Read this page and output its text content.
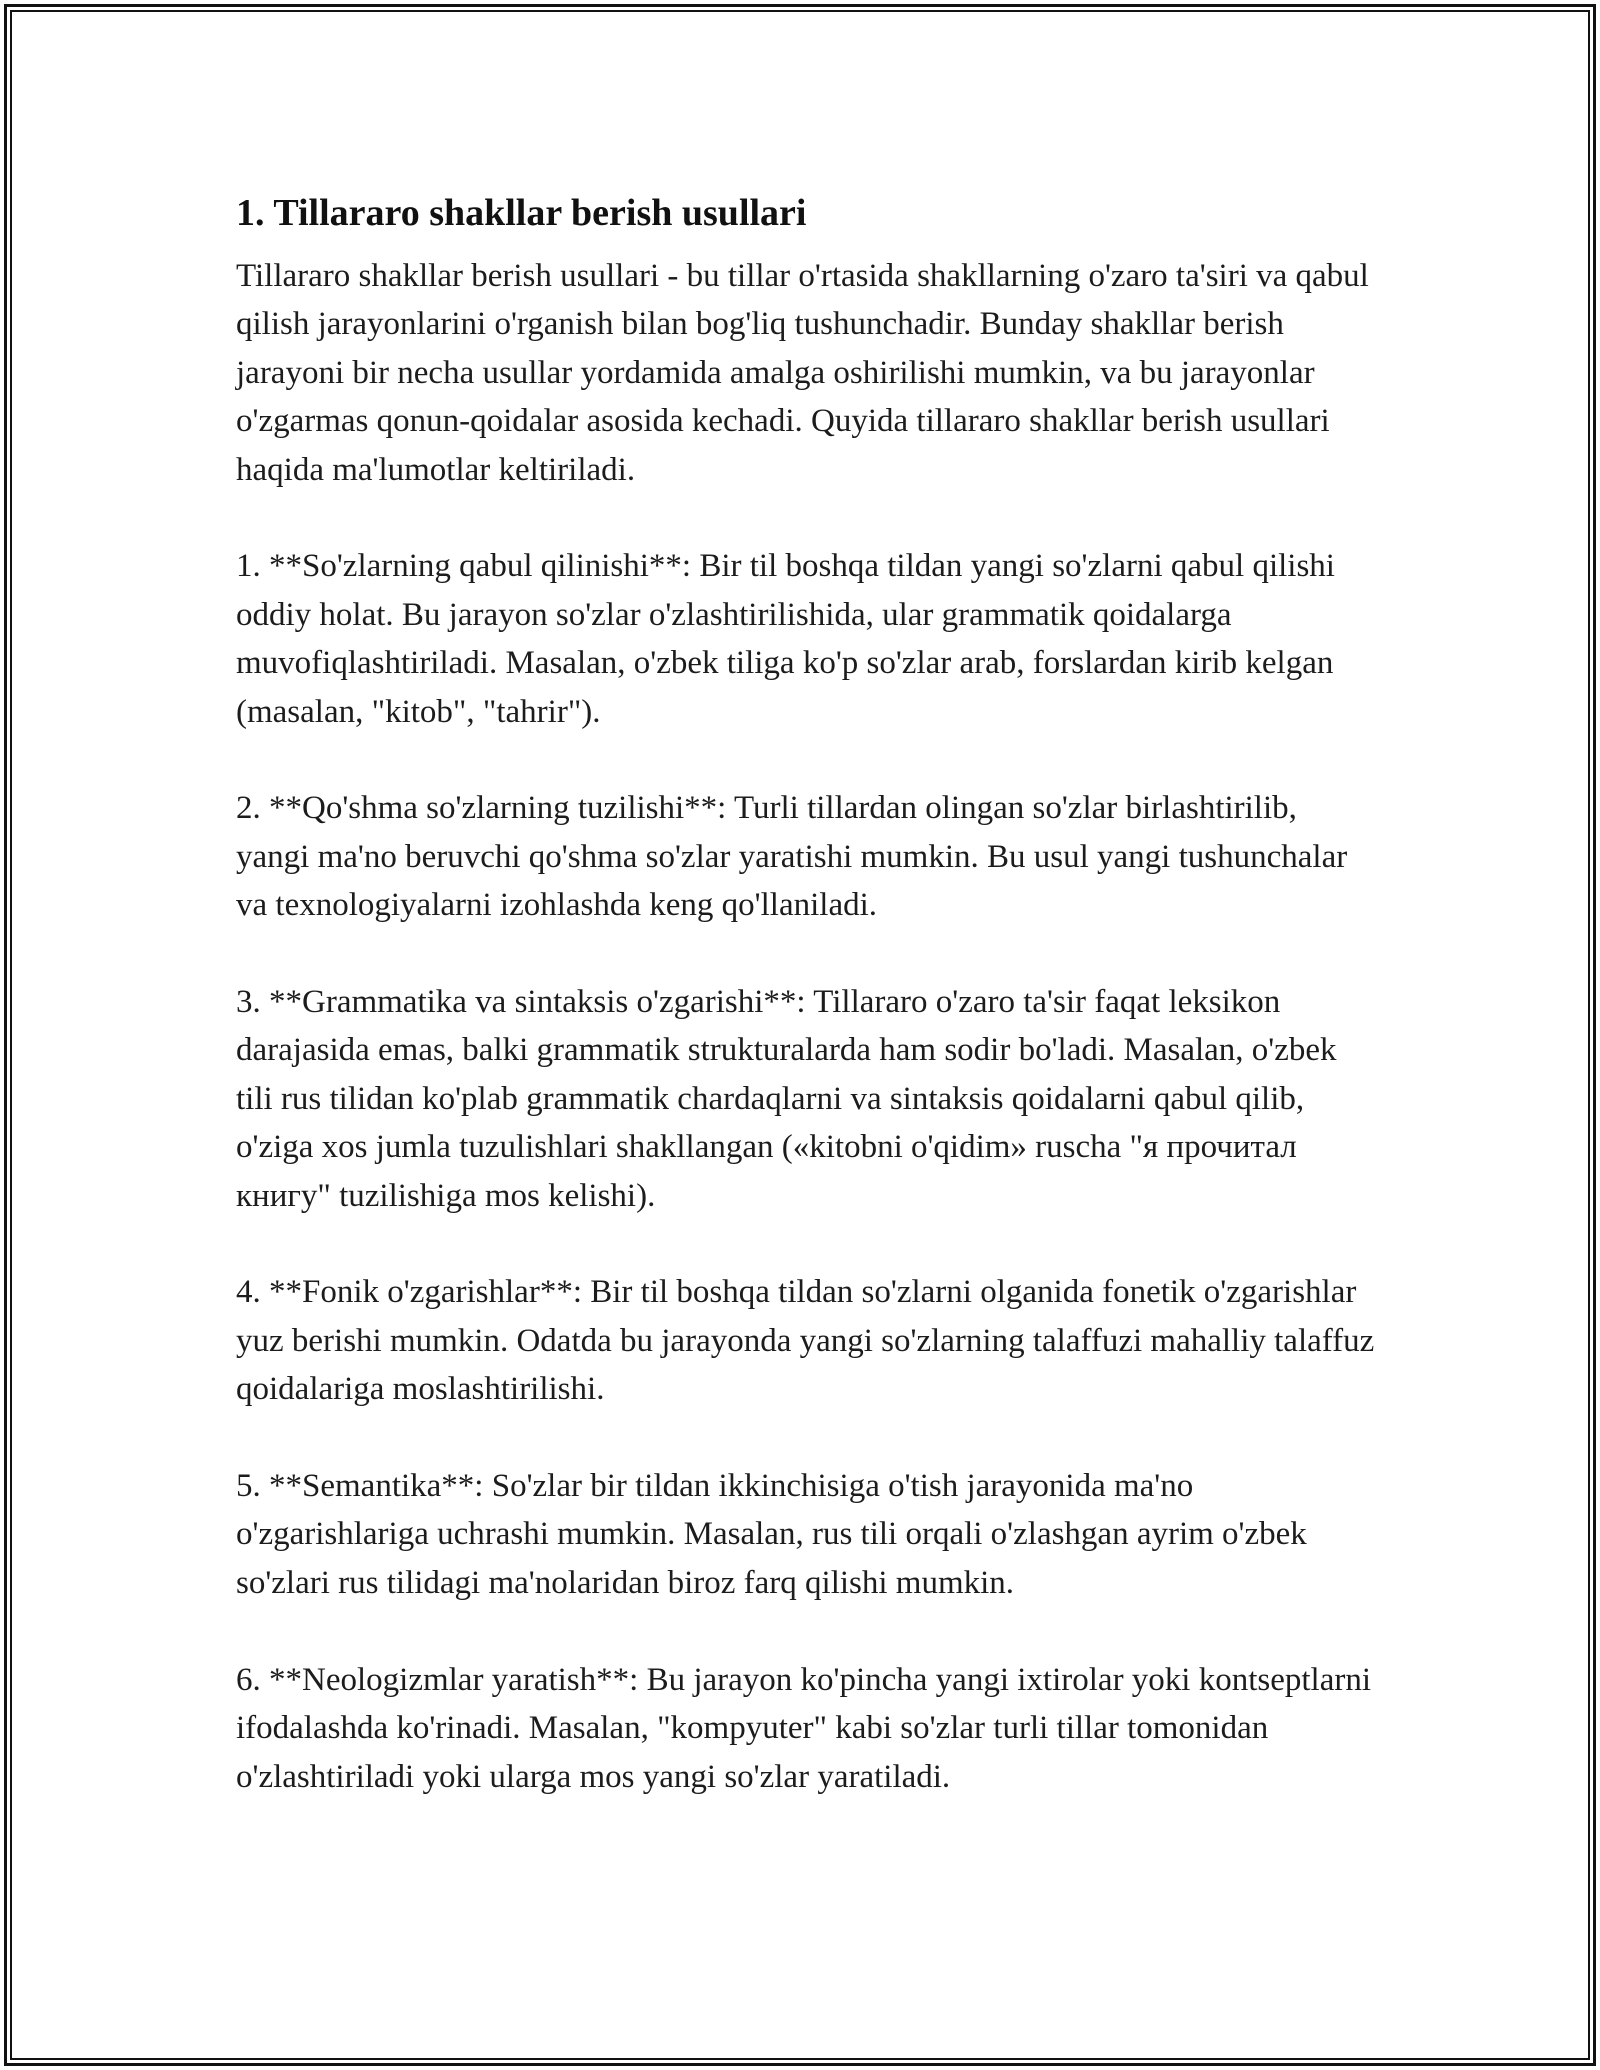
1. Tillararo shakllar berish usullari

Tillararo shakllar berish usullari - bu tillar o'rtasida shakllarning o'zaro ta'siri va qabul qilish jarayonlarini o'rganish bilan bog'liq tushunchadir. Bunday shakllar berish jarayoni bir necha usullar yordamida amalga oshirilishi mumkin, va bu jarayonlar o'zgarmas qonun-qoidalar asosida kechadi. Quyida tillararo shakllar berish usullari haqida ma'lumotlar keltiriladi.

1. **So'zlarning qabul qilinishi**: Bir til boshqa tildan yangi so'zlarni qabul qilishi oddiy holat. Bu jarayon so'zlar o'zlashtirilishida, ular grammatik qoidalarga muvofiqlashtiriladi. Masalan, o'zbek tiliga ko'p so'zlar arab, forslardan kirib kelgan (masalan, "kitob", "tahrir").

2. **Qo'shma so'zlarning tuzilishi**: Turli tillardan olingan so'zlar birlashtirilib, yangi ma'no beruvchi qo'shma so'zlar yaratishi mumkin. Bu usul yangi tushunchalar va texnologiyalarni izohlashda keng qo'llaniladi.

3. **Grammatika va sintaksis o'zgarishi**: Tillararo o'zaro ta'sir faqat leksikon darajasida emas, balki grammatik strukturalarda ham sodir bo'ladi. Masalan, o'zbek tili rus tilidan ko'plab grammatik chardaqlarni va sintaksis qoidalarni qabul qilib, o'ziga xos jumla tuzulishlari shakllangan («kitobni o'qidim» ruscha "я прочитал книгу" tuzilishiga mos kelishi).

4. **Fonik o'zgarishlar**: Bir til boshqa tildan so'zlarni olganida fonetik o'zgarishlar yuz berishi mumkin. Odatda bu jarayonda yangi so'zlarning talaffuzi mahalliy talaffuz qoidalariga moslashtirilishi.

5. **Semantika**: So'zlar bir tildan ikkinchisiga o'tish jarayonida ma'no o'zgarishlariga uchrashi mumkin. Masalan, rus tili orqali o'zlashgan ayrim o'zbek so'zlari rus tilidagi ma'nolaridan biroz farq qilishi mumkin.

6. **Neologizmlar yaratish**: Bu jarayon ko'pincha yangi ixtirolar yoki kontseptlarni ifodalashda ko'rinadi. Masalan, "kompyuter" kabi so'zlar turli tillar tomonidan o'zlashtiriladi yoki ularga mos yangi so'zlar yaratiladi.
